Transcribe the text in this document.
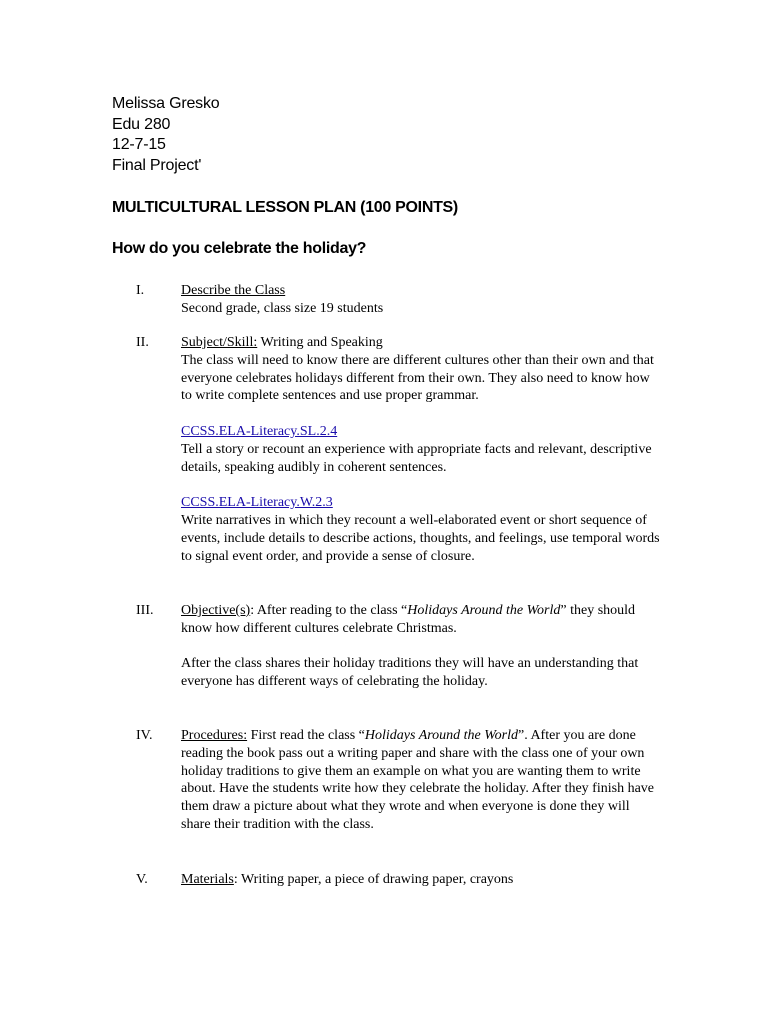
Melissa Gresko
Edu 280
12-7-15
Final Project'
MULTICULTURAL LESSON PLAN (100 POINTS)
How do you celebrate the holiday?
I.	Describe the Class
Second grade, class size 19 students
II. Subject/Skill: Writing and Speaking

The class will need to know there are different cultures other than their own and that everyone celebrates holidays different from their own. They also need to know how to write complete sentences and use proper grammar.

CCSS.ELA-Literacy.SL.2.4

Tell a story or recount an experience with appropriate facts and relevant, descriptive details, speaking audibly in coherent sentences.

CCSS.ELA-Literacy.W.2.3

Write narratives in which they recount a well-elaborated event or short sequence of events, include details to describe actions, thoughts, and feelings, use temporal words to signal event order, and provide a sense of closure.

III. Objective(s): After reading to the class “Holidays Around the World” they should know how different cultures celebrate Christmas.

After the class shares their holiday traditions they will have an understanding that everyone has different ways of celebrating the holiday.

IV. Procedures: First read the class “Holidays Around the World”. After you are done reading the book pass out a writing paper and share with the class one of your own holiday traditions to give them an example on what you are wanting them to write about. Have the students write how they celebrate the holiday. After they finish have them draw a picture about what they wrote and when everyone is done they will share their tradition with the class.

V. Materials: Writing paper, a piece of drawing paper, crayons
